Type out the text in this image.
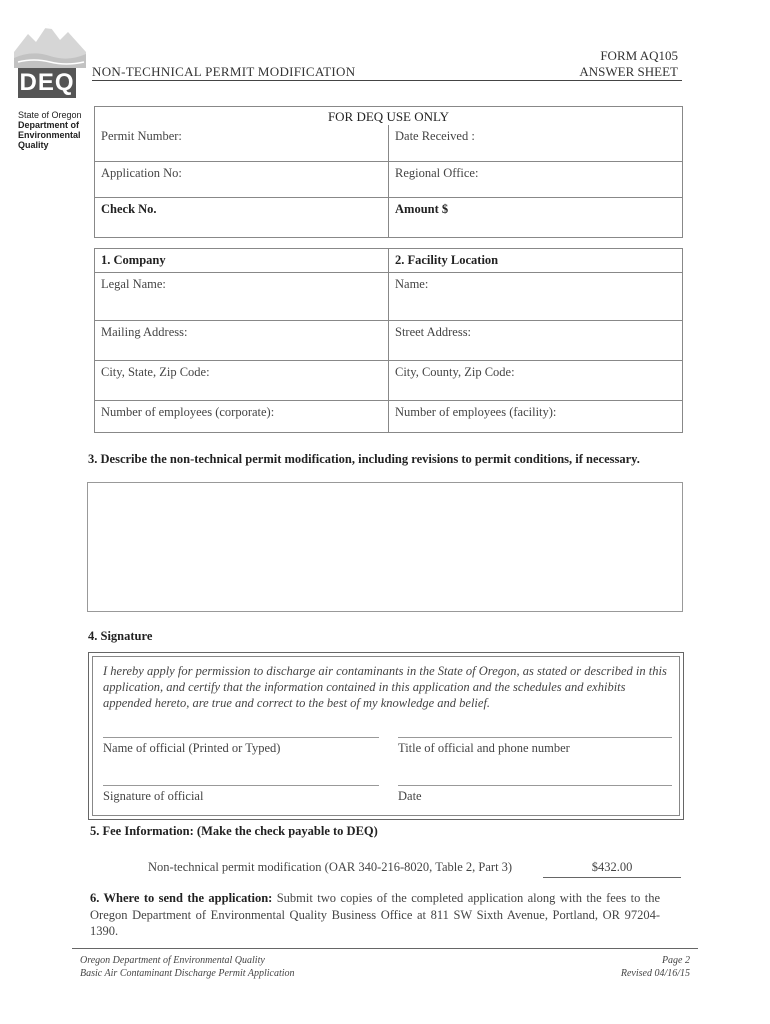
DEQ
State of Oregon
Department of
Environmental
Quality
NON-TECHNICAL PERMIT MODIFICATION
FORM AQ105
ANSWER SHEET
FOR DEQ USE ONLY	
Permit Number:	Date Received :
Application No:	Regional Office:
Check No.	Amount $
1. Company	2. Facility Location
Legal Name:	Name:
Mailing Address:	Street Address:
City, State, Zip Code:	City, County, Zip Code:
Number of employees (corporate):	Number of employees (facility):
3. Describe the non-technical permit modification, including revisions to permit conditions, if necessary.
4. Signature
I hereby apply for permission to discharge air contaminants in the State of Oregon, as stated or described in this application, and certify that the information contained in this application and the schedules and exhibits appended hereto, are true and correct to the best of my knowledge and belief.
Name of official (Printed or Typed)	Title of official and phone number
Signature of official	Date
5. Fee Information: (Make the check payable to DEQ)
Non-technical permit modification (OAR 340-216-8020, Table 2, Part 3)	$432.00
6. Where to send the application: Submit two copies of the completed application along with the fees to the Oregon Department of Environmental Quality Business Office at 811 SW Sixth Avenue, Portland, OR 97204-1390.
Oregon Department of Environmental Quality
Basic Air Contaminant Discharge Permit Application
Page 2
Revised 04/16/15
